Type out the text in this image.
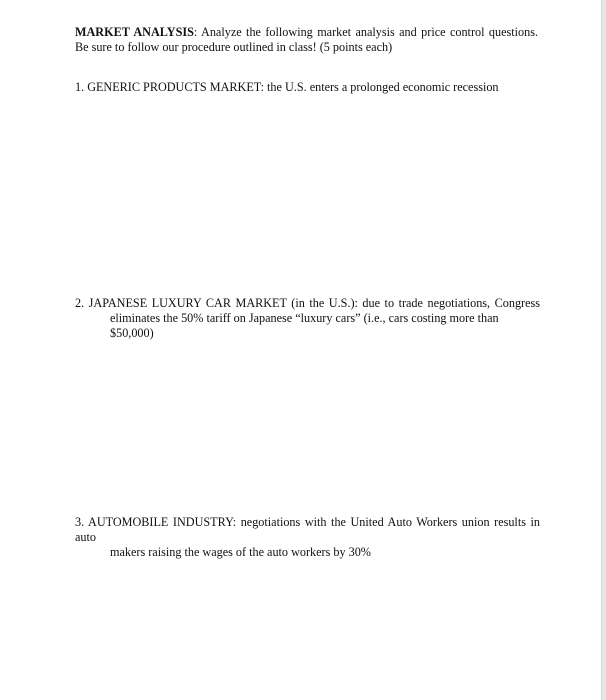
MARKET ANALYSIS: Analyze the following market analysis and price control questions. Be sure to follow our procedure outlined in class! (5 points each)
1. GENERIC PRODUCTS MARKET: the U.S. enters a prolonged economic recession
2. JAPANESE LUXURY CAR MARKET (in the U.S.): due to trade negotiations, Congress
eliminates the 50% tariff on Japanese “luxury cars” (i.e., cars costing more than $50,000)
3. AUTOMOBILE INDUSTRY: negotiations with the United Auto Workers union results in auto
makers raising the wages of the auto workers by 30%
